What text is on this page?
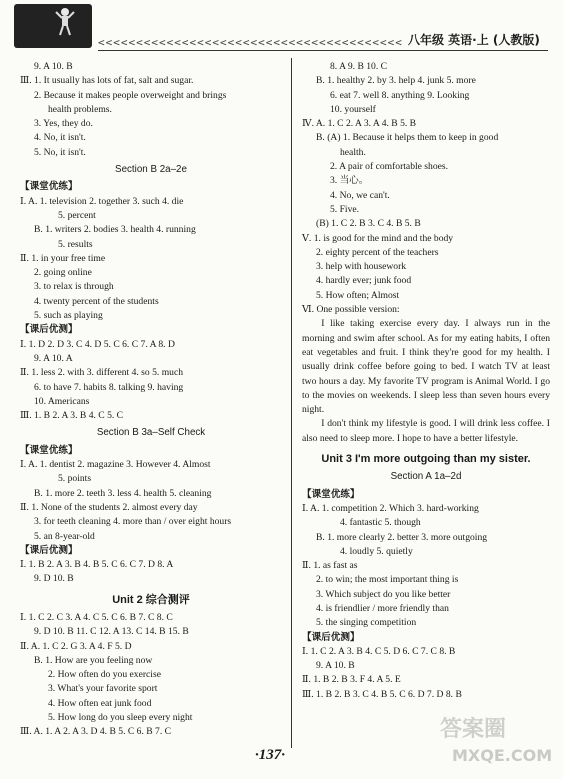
<<<<<<<<<<<<<<<<<<<<<<<<<<<<<<<<<<<<<<<< 八年级 英语·上 (人教版)
9. A 10. B
Ⅲ. 1. It usually has lots of fat, salt and sugar.
2. Because it makes people overweight and brings
health problems.
3. Yes, they do.
4. No, it isn't.
5. No, it isn't.
Section B 2a–2e
【课堂优练】
Ⅰ. A. 1. television 2. together 3. such 4. die
5. percent
B. 1. writers 2. bodies 3. health 4. running
5. results
Ⅱ. 1. in your free time
2. going online
3. to relax is through
4. twenty percent of the students
5. such as playing
【课后优测】
Ⅰ. 1. D 2. D 3. C 4. D 5. C 6. C 7. A 8. D
9. A 10. A
Ⅱ. 1. less 2. with 3. different 4. so 5. much
6. to have 7. habits 8. talking 9. having
10. Americans
Ⅲ. 1. B 2. A 3. B 4. C 5. C
Section B 3a–Self Check
【课堂优练】
Ⅰ. A. 1. dentist 2. magazine 3. However 4. Almost
5. points
B. 1. more 2. teeth 3. less 4. health 5. cleaning
Ⅱ. 1. None of the students 2. almost every day
3. for teeth cleaning 4. more than / over eight hours
5. an 8-year-old
【课后优测】
Ⅰ. 1. B 2. A 3. B 4. B 5. C 6. C 7. D 8. A
9. D 10. B
Unit 2 综合测评
Ⅰ. 1. C 2. C 3. A 4. C 5. C 6. B 7. C 8. C
9. D 10. B 11. C 12. A 13. C 14. B 15. B
Ⅱ. A. 1. C 2. G 3. A 4. F 5. D
B. 1. How are you feeling now
2. How often do you exercise
3. What's your favorite sport
4. How often eat junk food
5. How long do you sleep every night
Ⅲ. A. 1. A 2. A 3. D 4. B 5. C 6. B 7. C
8. A 9. B 10. C
B. 1. healthy 2. by 3. help 4. junk 5. more
6. eat 7. well 8. anything 9. Looking
10. yourself
Ⅳ. A. 1. C 2. A 3. A 4. B 5. B
B. (A) 1. Because it helps them to keep in good
health.
2. A pair of comfortable shoes.
3. 当心。
4. No, we can't.
5. Five.
(B) 1. C 2. B 3. C 4. B 5. B
Ⅴ. 1. is good for the mind and the body
2. eighty percent of the teachers
3. help with housework
4. hardly ever; junk food
5. How often; Almost
Ⅵ. One possible version:
I like taking exercise every day. I always run in the morning and swim after school. As for my eating habits, I often eat vegetables and fruit. I think they're good for my health. I usually drink coffee before going to bed. I watch TV at least two hours a day. My favorite TV program is Animal World. I go to the movies on weekends. I sleep less than seven hours every night.
I don't think my lifestyle is good. I will drink less coffee. I also need to sleep more. I hope to have a better lifestyle.
Unit 3 I'm more outgoing than my sister.
Section A 1a–2d
【课堂优练】
Ⅰ. A. 1. competition 2. Which 3. hard-working
4. fantastic 5. though
B. 1. more clearly 2. better 3. more outgoing
4. loudly 5. quietly
Ⅱ. 1. as fast as
2. to win; the most important thing is
3. Which subject do you like better
4. is friendlier / more friendly than
5. the singing competition
【课后优测】
Ⅰ. 1. C 2. A 3. B 4. C 5. D 6. C 7. C 8. B
9. A 10. B
Ⅱ. 1. B 2. B 3. F 4. A 5. E
Ⅲ. 1. B 2. B 3. C 4. B 5. C 6. D 7. D 8. B
·137·
答案圈
MXQE.COM
